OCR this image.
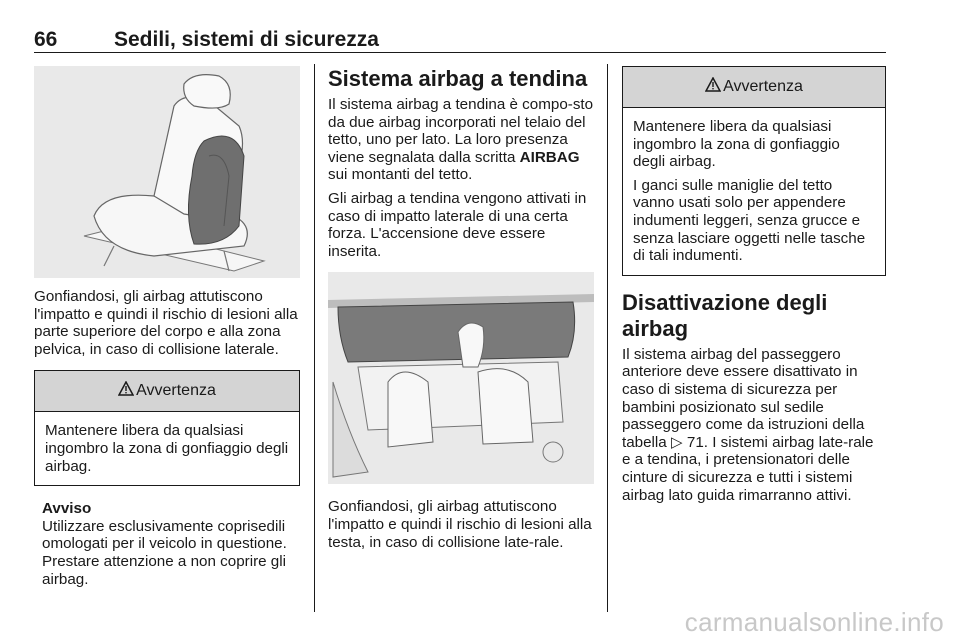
66	Sedili, sistemi di sicurezza

Gonfiandosi, gli airbag attutiscono l'impatto e quindi il rischio di lesioni alla parte superiore del corpo e alla zona pelvica, in caso di collisione laterale.

Avvertenza

Mantenere libera da qualsiasi ingombro la zona di gonfiaggio degli airbag.

Avviso

Utilizzare esclusivamente coprisedili omologati per il veicolo in questione. Prestare attenzione a non coprire gli airbag.

Sistema airbag a tendina

Il sistema airbag a tendina è compo-sto da due airbag incorporati nel telaio del tetto, uno per lato. La loro presenza viene segnalata dalla scritta AIRBAG sui montanti del tetto.

Gli airbag a tendina vengono attivati in caso di impatto laterale di una certa forza. L'accensione deve essere inserita.

Gonfiandosi, gli airbag attutiscono l'impatto e quindi il rischio di lesioni alla testa, in caso di collisione late-rale.

Avvertenza

Mantenere libera da qualsiasi ingombro la zona di gonfiaggio degli airbag.

I ganci sulle maniglie del tetto vanno usati solo per appendere indumenti leggeri, senza grucce e senza lasciare oggetti nelle tasche di tali indumenti.

Disattivazione degli airbag

Il sistema airbag del passeggero anteriore deve essere disattivato in caso di sistema di sicurezza per bambini posizionato sul sedile passeggero come da istruzioni della tabella ▷ 71. I sistemi airbag late-rale e a tendina, i pretensionatori delle cinture di sicurezza e tutti i sistemi airbag lato guida rimarranno attivi.

carmanualsonline.info
